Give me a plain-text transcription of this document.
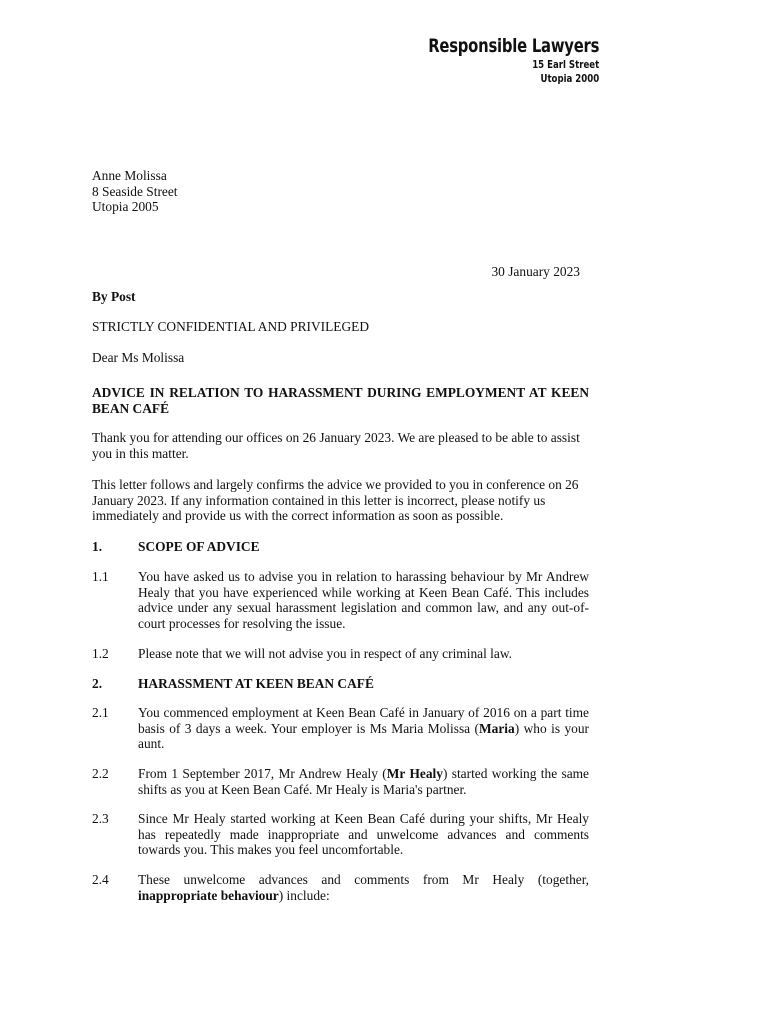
Responsible Lawyers
15 Earl Street
Utopia 2000
Anne Molissa
8 Seaside Street
Utopia 2005
30 January 2023
By Post
STRICTLY CONFIDENTIAL AND PRIVILEGED
Dear Ms Molissa
ADVICE IN RELATION TO HARASSMENT DURING EMPLOYMENT AT KEEN BEAN CAFÉ
Thank you for attending our offices on 26 January 2023. We are pleased to be able to assist you in this matter.
This letter follows and largely confirms the advice we provided to you in conference on 26 January 2023. If any information contained in this letter is incorrect, please notify us immediately and provide us with the correct information as soon as possible.
1.	SCOPE OF ADVICE
1.1 You have asked us to advise you in relation to harassing behaviour by Mr Andrew Healy that you have experienced while working at Keen Bean Café. This includes advice under any sexual harassment legislation and common law, and any out-of-court processes for resolving the issue.
1.2 Please note that we will not advise you in respect of any criminal law.
2.	HARASSMENT AT KEEN BEAN CAFÉ
2.1 You commenced employment at Keen Bean Café in January of 2016 on a part time basis of 3 days a week. Your employer is Ms Maria Molissa (Maria) who is your aunt.
2.2 From 1 September 2017, Mr Andrew Healy (Mr Healy) started working the same shifts as you at Keen Bean Café. Mr Healy is Maria's partner.
2.3 Since Mr Healy started working at Keen Bean Café during your shifts, Mr Healy has repeatedly made inappropriate and unwelcome advances and comments towards you. This makes you feel uncomfortable.
2.4 These unwelcome advances and comments from Mr Healy (together, inappropriate behaviour) include:
